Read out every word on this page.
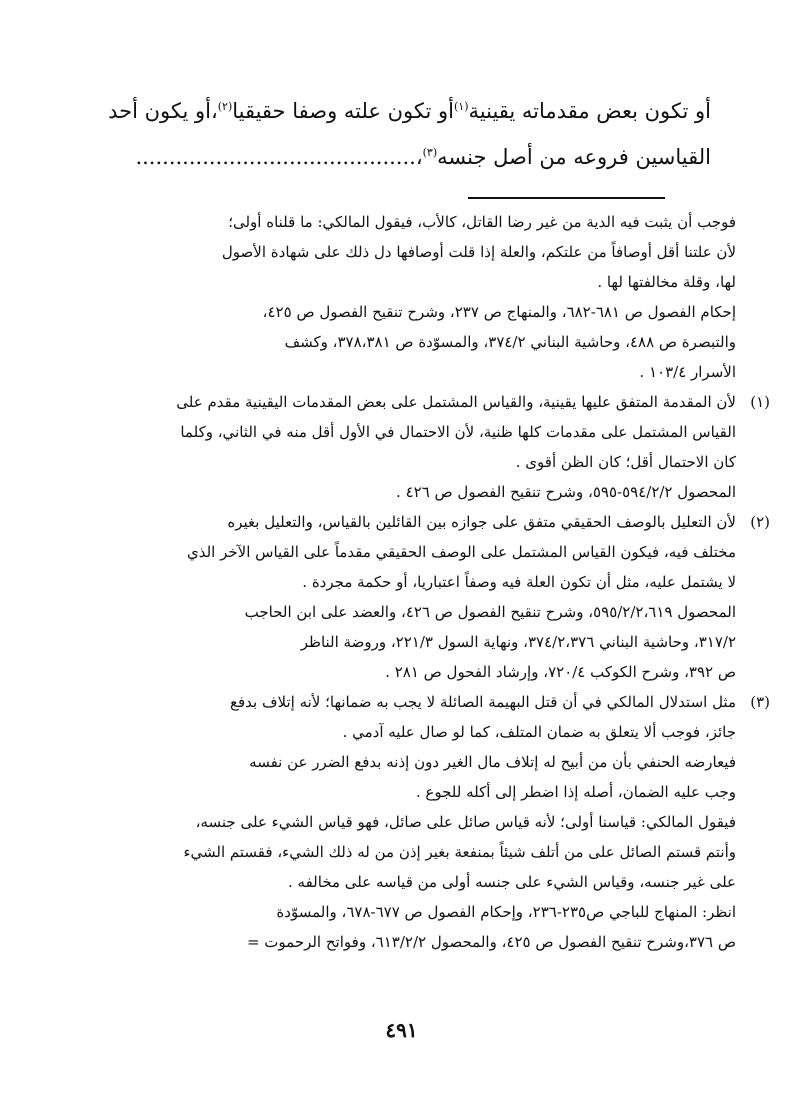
أو تكون بعض مقدماته يقينية$^{(١)}$أو تكون علته وصفا حقيقيا$^{(٢)}$،أو يكون أحد
القياسين فروعه من أصل جنسه$^{(٣)}$،..........................................
فوجب أن يثبت فيه الدية من غير رضا القاتل، كالأب، فيقول المالكي: ما قلناه أولى؛
لأن علتنا أقل أوصافاً من علتكم، والعلة إذا قلت أوصافها دل ذلك على شهادة الأصول
لها، وقلة مخالفتها لها .
إحكام الفصول ص ٦٨١-٦٨٢، والمنهاج ص ٢٣٧، وشرح تنقيح الفصول ص ٤٢٥،
والتبصرة ص ٤٨٨، وحاشية البناني ٣٧٤/٢، والمسوّدة ص ٣٧٨،٣٨١، وكشف
الأسرار ١٠٣/٤ .
(١)
لأن المقدمة المتفق عليها يقينية، والقياس المشتمل على بعض المقدمات اليقينية مقدم على
القياس المشتمل على مقدمات كلها ظنية، لأن الاحتمال في الأول أقل منه في الثاني، وكلما
كان الاحتمال أقل؛ كان الظن أقوى .
المحصول ٥٩٤/٢/٢-٥٩٥، وشرح تنقيح الفصول ص ٤٢٦ .
(٢)
لأن التعليل بالوصف الحقيقي متفق على جوازه بين القائلين بالقياس، والتعليل بغيره
مختلف فيه، فيكون القياس المشتمل على الوصف الحقيقي مقدماً على القياس الآخر الذي
لا يشتمل عليه، مثل أن تكون العلة فيه وصفاً اعتباريا، أو حكمة مجردة .
المحصول ٥٩٥/٢/٢،٦١٩، وشرح تنقيح الفصول ص ٤٢٦، والعضد على ابن الحاجب
٣١٧/٢، وحاشية البناني ٣٧٤/٢،٣٧٦، ونهاية السول ٢٢١/٣، وروضة الناظر
ص ٣٩٢، وشرح الكوكب ٧٢٠/٤، وإرشاد الفحول ص ٢٨١ .
(٣)
مثل استدلال المالكي في أن قتل البهيمة الصائلة لا يجب به ضمانها؛ لأنه إتلاف بدفع
جائز، فوجب ألا يتعلق به ضمان المتلف، كما لو صال عليه آدمي .
فيعارضه الحنفي بأن من أبيح له إتلاف مال الغير دون إذنه بدفع الضرر عن نفسه
وجب عليه الضمان، أصله إذا اضطر إلى أكله للجوع .
فيقول المالكي: قياسنا أولى؛ لأنه قياس صائل على صائل، فهو قياس الشيء على جنسه،
وأنتم قستم الصائل على من أتلف شيئاً بمنفعة بغير إذن من له ذلك الشيء، فقستم الشيء
على غير جنسه، وقياس الشيء على جنسه أولى من قياسه على مخالفه .
انظر: المنهاج للباجي ص٢٣٥-٢٣٦، وإحكام الفصول ص ٦٧٧-٦٧٨، والمسوّدة
ص ٣٧٦،وشرح تنقيح الفصول ص ٤٢٥، والمحصول ٦١٣/٢/٢، وفواتح الرحموت =
٤٩١
